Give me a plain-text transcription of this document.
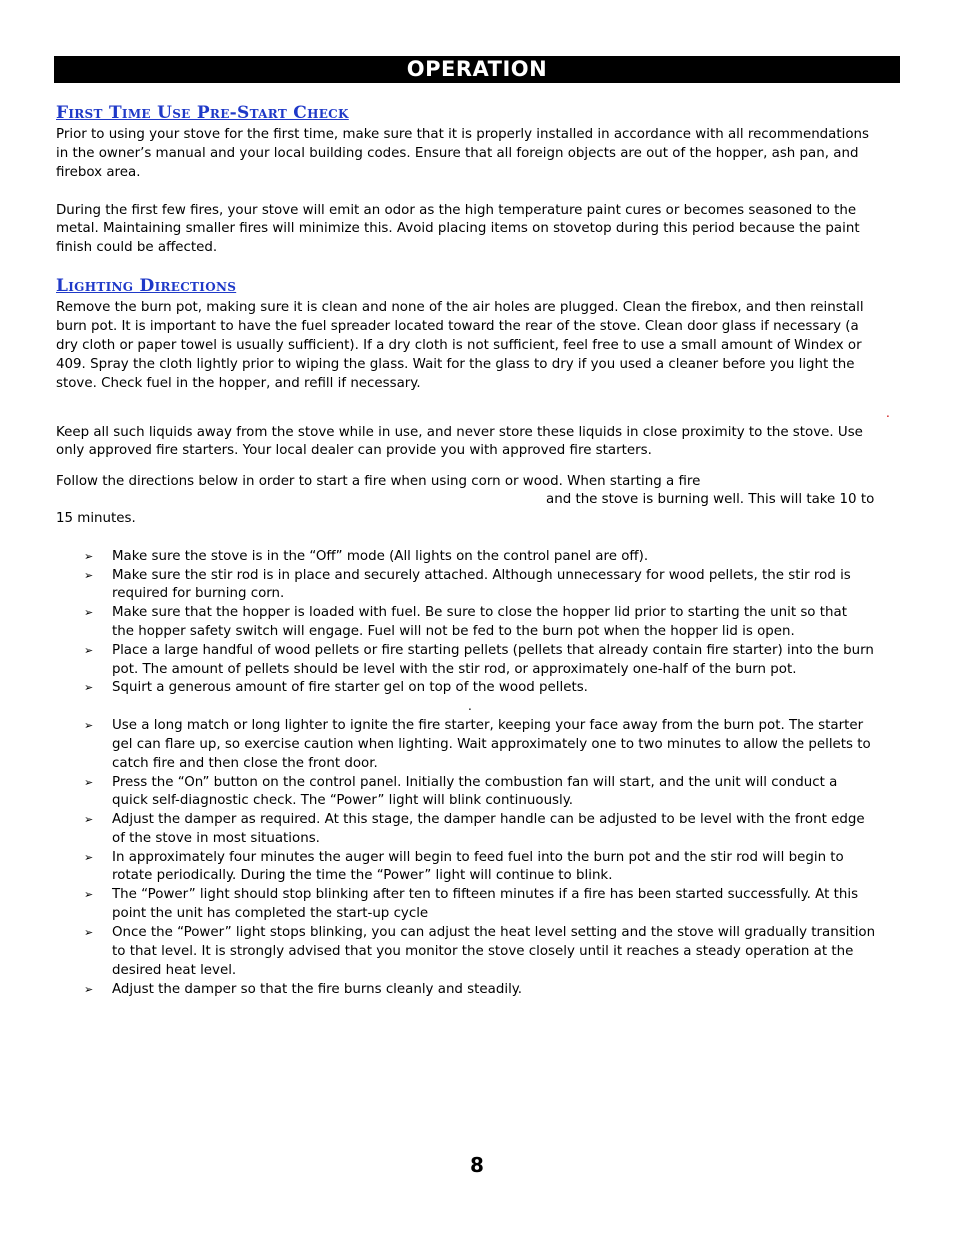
OPERATION
First Time Use Pre-Start Check
Prior to using your stove for the first time, make sure that it is properly installed in accordance with all recommendations
in the owner’s manual and your local building codes. Ensure that all foreign objects are out of the hopper, ash pan, and
firebox area.
During the first few fires, your stove will emit an odor as the high temperature paint cures or becomes seasoned to the
metal. Maintaining smaller fires will minimize this. Avoid placing items on stovetop during this period because the paint
finish could be affected.
Lighting Directions
Remove the burn pot, making sure it is clean and none of the air holes are plugged. Clean the firebox, and then reinstall
burn pot. It is important to have the fuel spreader located toward the rear of the stove. Clean door glass if necessary (a
dry cloth or paper towel is usually sufficient). If a dry cloth is not sufficient, feel free to use a small amount of Windex or
409. Spray the cloth lightly prior to wiping the glass. Wait for the glass to dry if you used a cleaner before you light the
stove. Check fuel in the hopper, and refill if necessary.
.
Keep all such liquids away from the stove while in use, and never store these liquids in close proximity to the stove. Use
only approved fire starters. Your local dealer can provide you with approved fire starters.
Follow the directions below in order to start a fire when using corn or wood. When starting a fire
and the stove is burning well. This will take 10 to
15 minutes.
➢ Make sure the stove is in the “Off” mode (All lights on the control panel are off).
➢ Make sure the stir rod is in place and securely attached. Although unnecessary for wood pellets, the stir rod is
required for burning corn.
➢ Make sure that the hopper is loaded with fuel. Be sure to close the hopper lid prior to starting the unit so that
the hopper safety switch will engage. Fuel will not be fed to the burn pot when the hopper lid is open.
➢ Place a large handful of wood pellets or fire starting pellets (pellets that already contain fire starter) into the burn
pot. The amount of pellets should be level with the stir rod, or approximately one-half of the burn pot.
➢ Squirt a generous amount of fire starter gel on top of the wood pellets.
.
➢ Use a long match or long lighter to ignite the fire starter, keeping your face away from the burn pot. The starter
gel can flare up, so exercise caution when lighting. Wait approximately one to two minutes to allow the pellets to
catch fire and then close the front door.
➢ Press the “On” button on the control panel. Initially the combustion fan will start, and the unit will conduct a
quick self-diagnostic check. The “Power” light will blink continuously.
➢ Adjust the damper as required. At this stage, the damper handle can be adjusted to be level with the front edge
of the stove in most situations.
➢ In approximately four minutes the auger will begin to feed fuel into the burn pot and the stir rod will begin to
rotate periodically. During the time the “Power” light will continue to blink.
➢ The “Power” light should stop blinking after ten to fifteen minutes if a fire has been started successfully. At this
point the unit has completed the start-up cycle
➢ Once the “Power” light stops blinking, you can adjust the heat level setting and the stove will gradually transition
to that level. It is strongly advised that you monitor the stove closely until it reaches a steady operation at the
desired heat level.
➢ Adjust the damper so that the fire burns cleanly and steadily.
8
